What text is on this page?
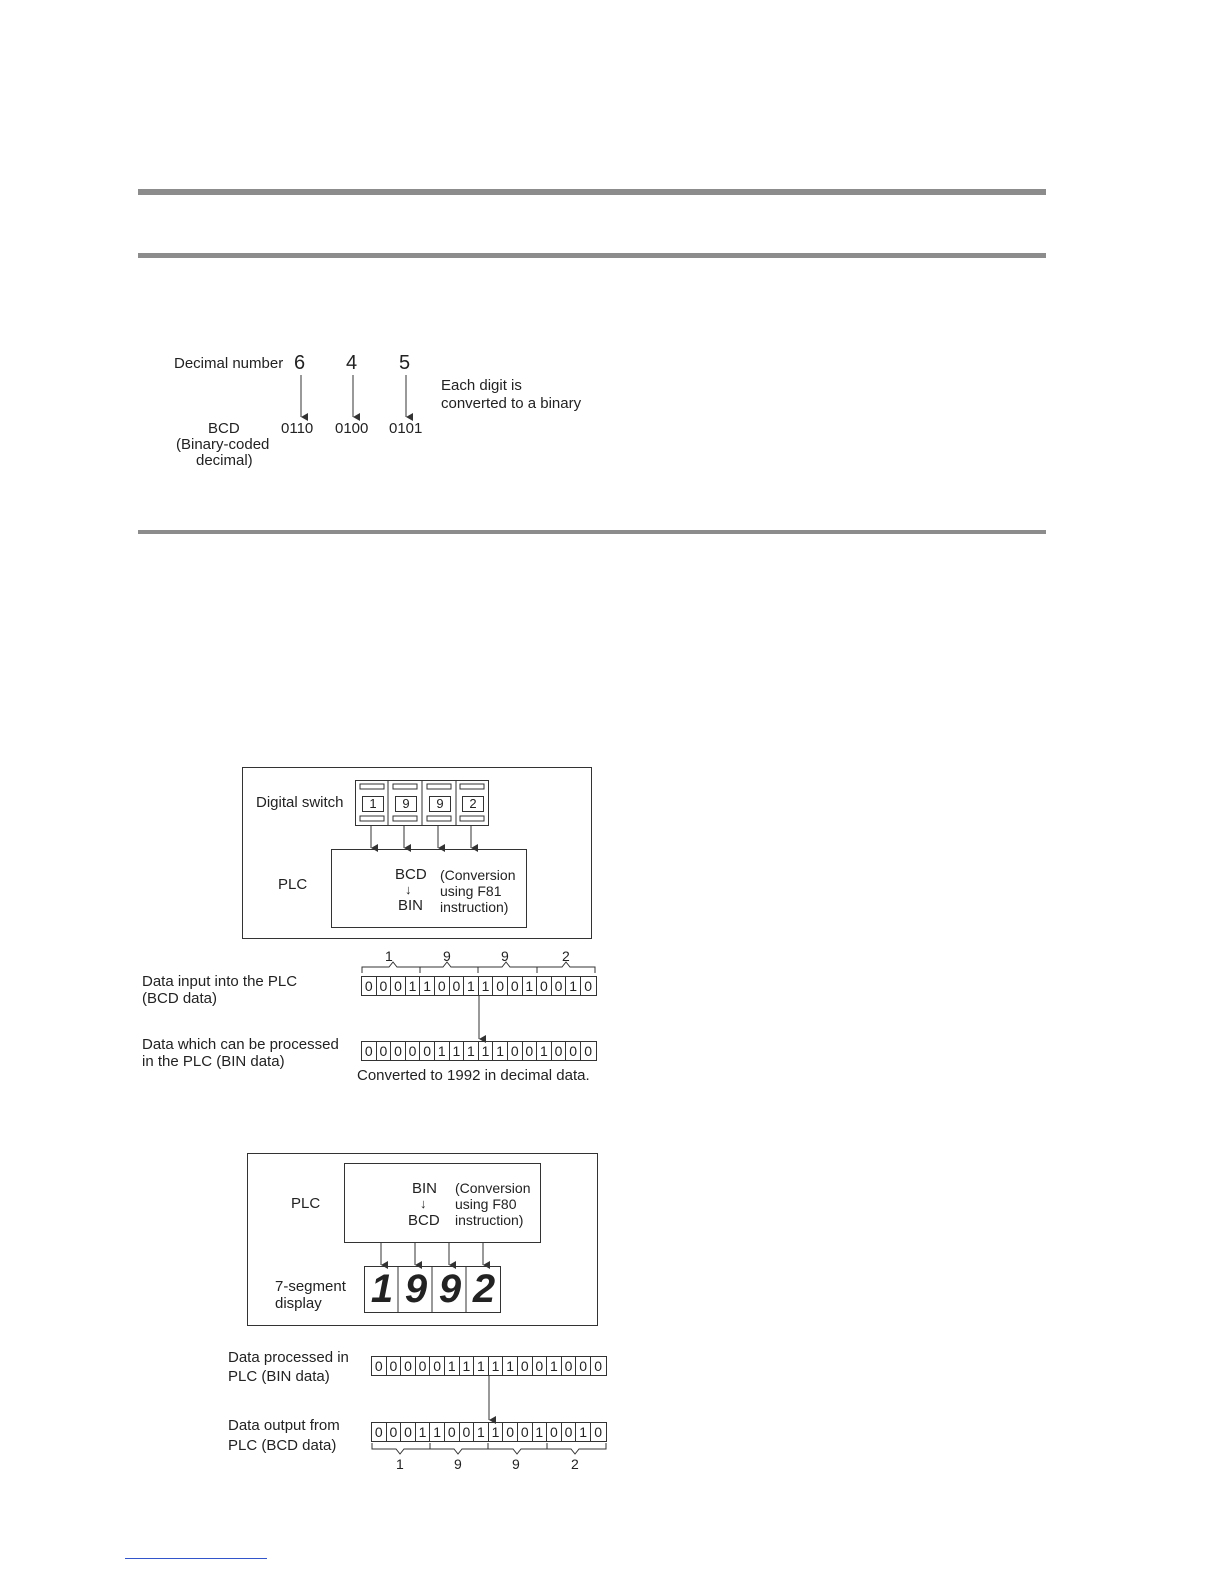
Decimal number 6 4 5
BCD
(Binary-coded
decimal)
0110 0100 0101
Each digit is
converted to a binary
Digital switch	1	9	9	2
PLC
BCD
↓
BIN
(Conversion
using F81
instruction)
1	9	9	2
Data input into the PLC
(BCD data)
0 0 0 1 1 0 0 1 1 0 0 1 0 0 1 0
Data which can be processed
in the PLC (BIN data)
0 0 0 0 0 1 1 1 1 1 0 0 1 0 0 0
Converted to 1992 in decimal data.
PLC
BIN
↓
BCD
(Conversion
using F80
instruction)
7-segment
display 1 9 9 2
Data processed in
PLC (BIN data)
0 0 0 0 0 1 1 1 1 1 0 0 1 0 0 0
Data output from
PLC (BCD data)
0 0 0 1 1 0 0 1 1 0 0 1 0 0 1 0
1	9	9	2
